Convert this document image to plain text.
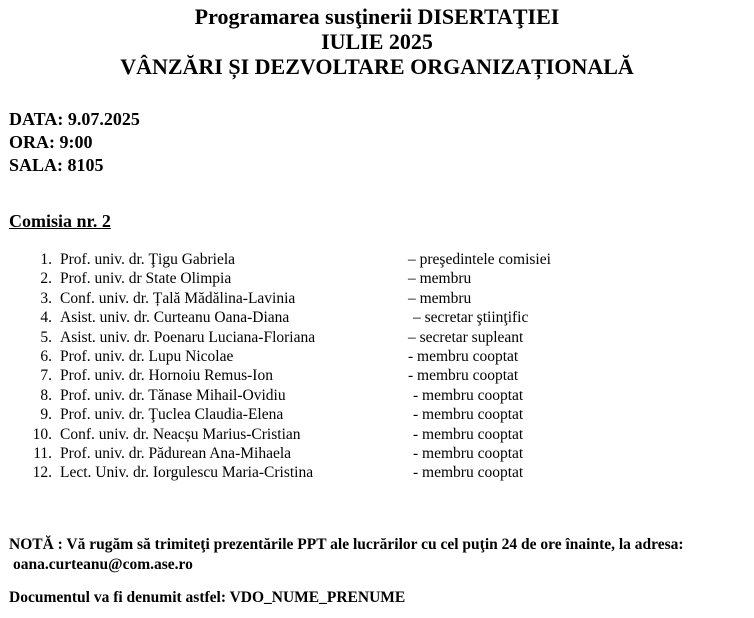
Programarea susţinerii DISERTAŢIEI
IULIE 2025
VÂNZĂRI ȘI DEZVOLTARE ORGANIZAȚIONALĂ
DATA: 9.07.2025
ORA: 9:00
SALA: 8105
Comisia nr. 2
1. Prof. univ. dr. Ţigu Gabriela	– preşedintele comisiei
2. Prof. univ. dr State Olimpia	– membru
3. Conf. univ. dr. Țală Mădălina-Lavinia	– membru
4. Asist. univ. dr. Curteanu Oana-Diana	– secretar ştiinţific
5. Asist. univ. dr. Poenaru Luciana-Floriana	– secretar supleant
6. Prof. univ. dr. Lupu Nicolae	- membru cooptat
7. Prof. univ. dr. Hornoiu Remus-Ion	- membru cooptat
8. Prof. univ. dr. Tănase Mihail-Ovidiu	- membru cooptat
9. Prof. univ. dr. Ţuclea Claudia-Elena	- membru cooptat
10. Conf. univ. dr. Neacșu Marius-Cristian	- membru cooptat
11. Prof. univ. dr. Pădurean Ana-Mihaela	- membru cooptat
12. Lect. Univ. dr. Iorgulescu Maria-Cristina	- membru cooptat
NOTĂ : Vă rugăm să trimiteţi prezentările PPT ale lucrărilor cu cel puţin 24 de ore înainte, la adresa:
oana.curteanu@com.ase.ro
Documentul va fi denumit astfel: VDO_NUME_PRENUME
